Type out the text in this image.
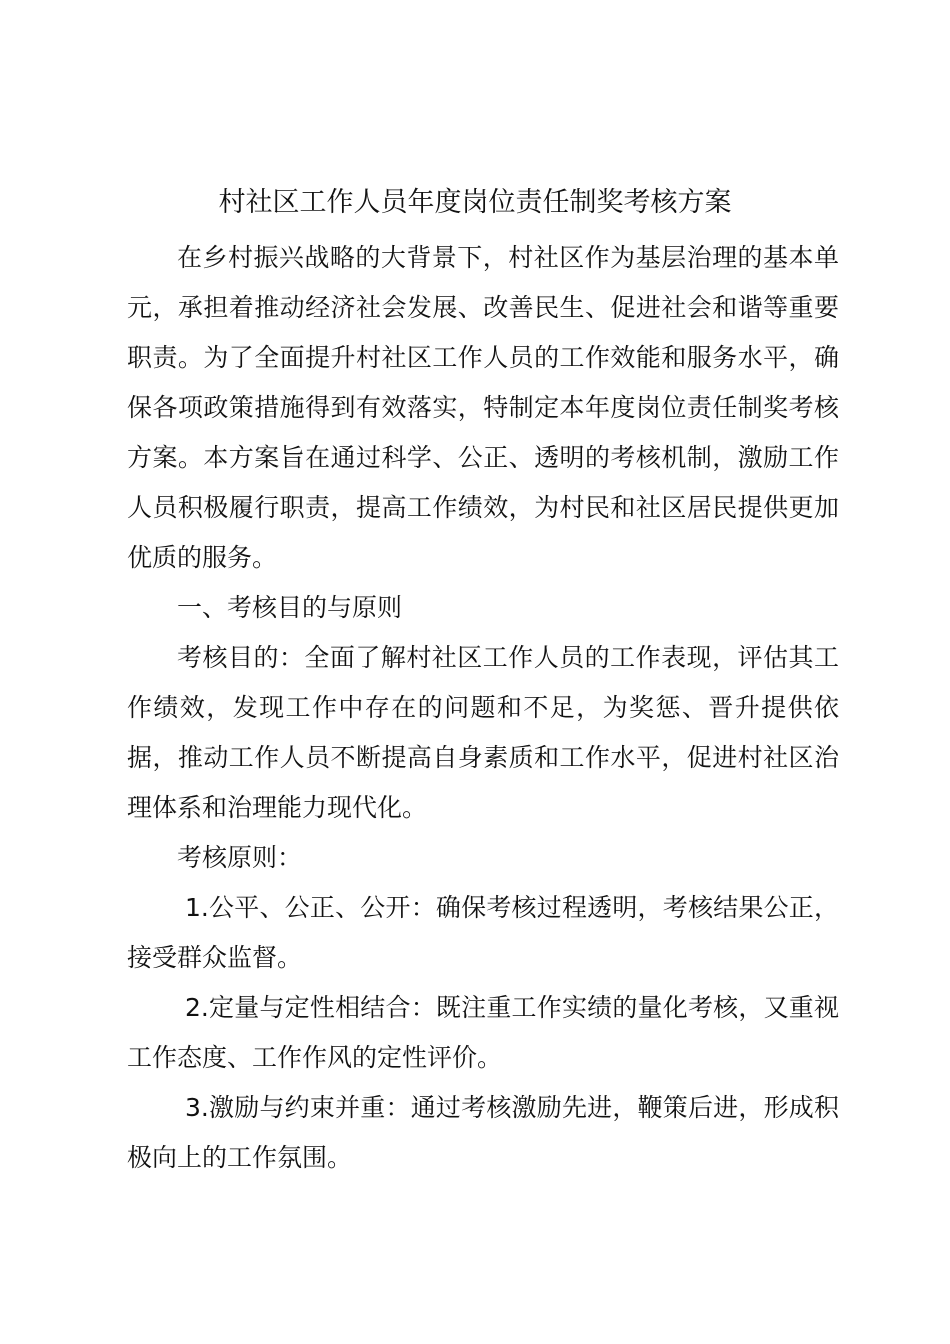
村社区工作人员年度岗位责任制奖考核方案

在乡村振兴战略的大背景下，村社区作为基层治理的基本单元，承担着推动经济社会发展、改善民生、促进社会和谐等重要职责。为了全面提升村社区工作人员的工作效能和服务水平，确保各项政策措施得到有效落实，特制定本年度岗位责任制奖考核方案。本方案旨在通过科学、公正、透明的考核机制，激励工作人员积极履行职责，提高工作绩效，为村民和社区居民提供更加优质的服务。

一、考核目的与原则

考核目的：全面了解村社区工作人员的工作表现，评估其工作绩效，发现工作中存在的问题和不足，为奖惩、晋升提供依据，推动工作人员不断提高自身素质和工作水平，促进村社区治理体系和治理能力现代化。

考核原则：

1.公平、公正、公开：确保考核过程透明，考核结果公正，接受群众监督。

2.定量与定性相结合：既注重工作实绩的量化考核，又重视工作态度、工作作风的定性评价。

3.激励与约束并重：通过考核激励先进，鞭策后进，形成积极向上的工作氛围。
